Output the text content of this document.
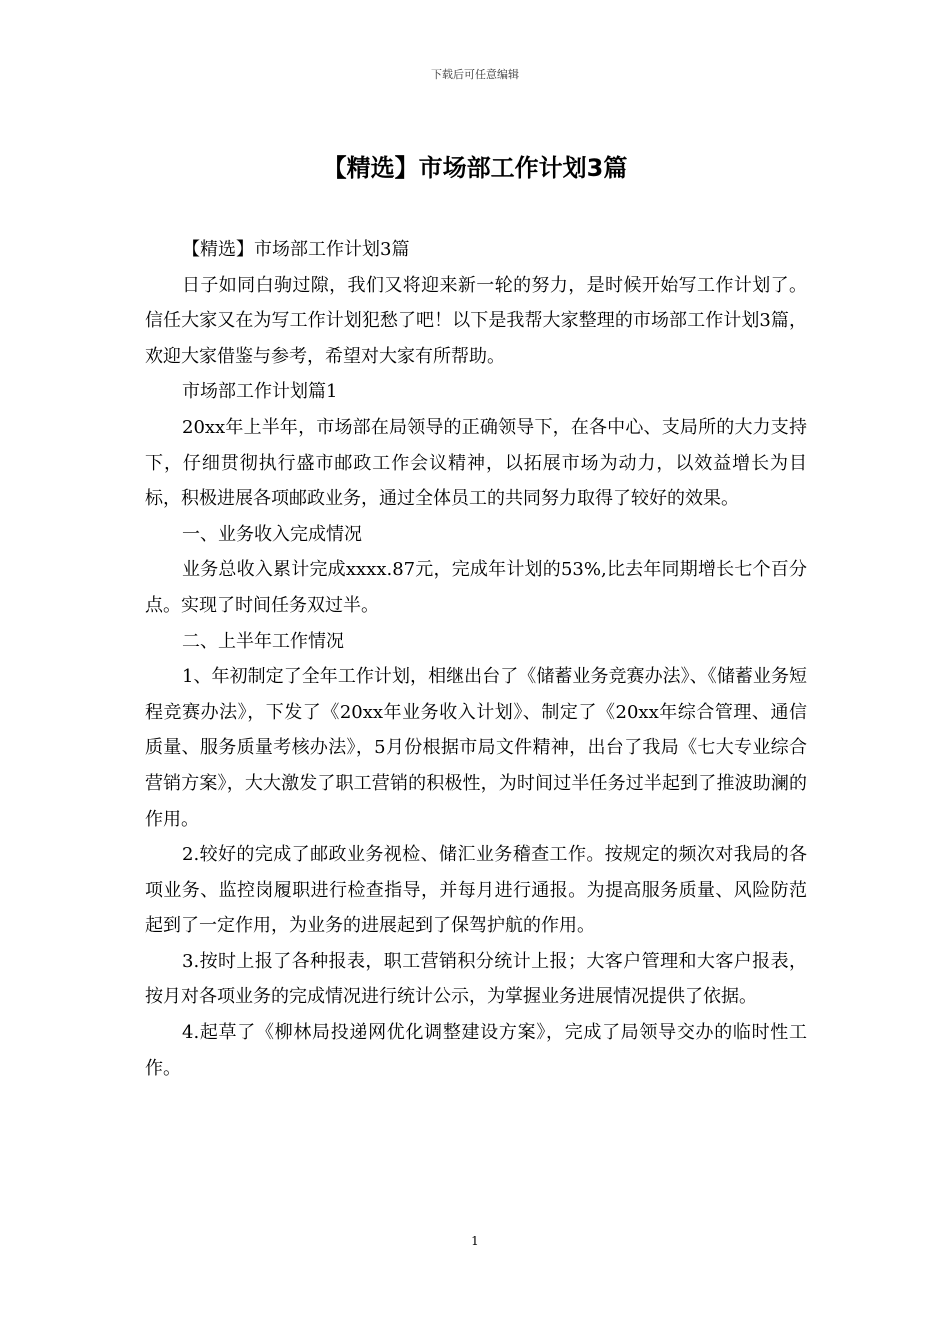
下载后可任意编辑
【精选】市场部工作计划3篇

【精选】市场部工作计划3篇

日子如同白驹过隙，我们又将迎来新一轮的努力，是时候开始写工作计划了。信任大家又在为写工作计划犯愁了吧！以下是我帮大家整理的市场部工作计划3篇，欢迎大家借鉴与参考，希望对大家有所帮助。

市场部工作计划篇1

20xx年上半年，市场部在局领导的正确领导下，在各中心、支局所的大力支持下，仔细贯彻执行盛市邮政工作会议精神，以拓展市场为动力，以效益增长为目标，积极进展各项邮政业务，通过全体员工的共同努力取得了较好的效果。

一、业务收入完成情况

业务总收入累计完成xxxx.87元，完成年计划的53%,比去年同期增长七个百分点。实现了时间任务双过半。

二、上半年工作情况

1、年初制定了全年工作计划，相继出台了《储蓄业务竞赛办法》、《储蓄业务短程竞赛办法》，下发了《20xx年业务收入计划》、制定了《20xx年综合管理、通信质量、服务质量考核办法》，5月份根据市局文件精神，出台了我局《七大专业综合营销方案》，大大激发了职工营销的积极性，为时间过半任务过半起到了推波助澜的作用。

2.较好的完成了邮政业务视检、储汇业务稽查工作。按规定的频次对我局的各项业务、监控岗履职进行检查指导，并每月进行通报。为提高服务质量、风险防范起到了一定作用，为业务的进展起到了保驾护航的作用。

3.按时上报了各种报表，职工营销积分统计上报；大客户管理和大客户报表，按月对各项业务的完成情况进行统计公示，为掌握业务进展情况提供了依据。

4.起草了《柳林局投递网优化调整建设方案》，完成了局领导交办的临时性工作。

1
